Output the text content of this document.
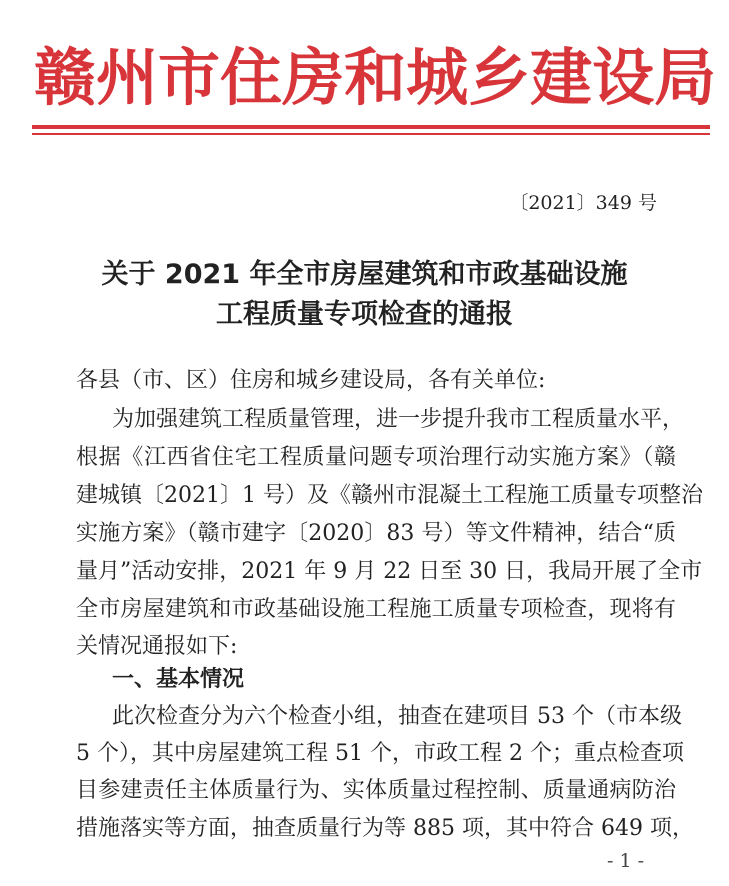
赣 州 市 住 房 和 城 乡 建 设 局
〔2021〕349 号
关于 2021 年全市房屋建筑和市政基础设施
工程质量专项检查的通报
各县（市、区）住房和城乡建设局，各有关单位:
为加强建筑工程质量管理，进一步提升我市工程质量水平，
根据《江西省住宅工程质量问题专项治理行动实施方案》（赣
建城镇〔2021〕1 号）及《赣州市混凝土工程施工质量专项整治
实施方案》（赣市建字〔2020〕83 号）等文件精神，结合“质
量月”活动安排，2021 年 9 月 22 日至 30 日，我局开展了全市
全市房屋建筑和市政基础设施工程施工质量专项检查，现将有
关情况通报如下:
一、基本情况
此次检查分为六个检查小组，抽查在建项目 53 个（市本级
5 个），其中房屋建筑工程 51 个，市政工程 2 个；重点检查项
目参建责任主体质量行为、实体质量过程控制、质量通病防治
措施落实等方面，抽查质量行为等 885 项，其中符合 649 项，
- 1 -
